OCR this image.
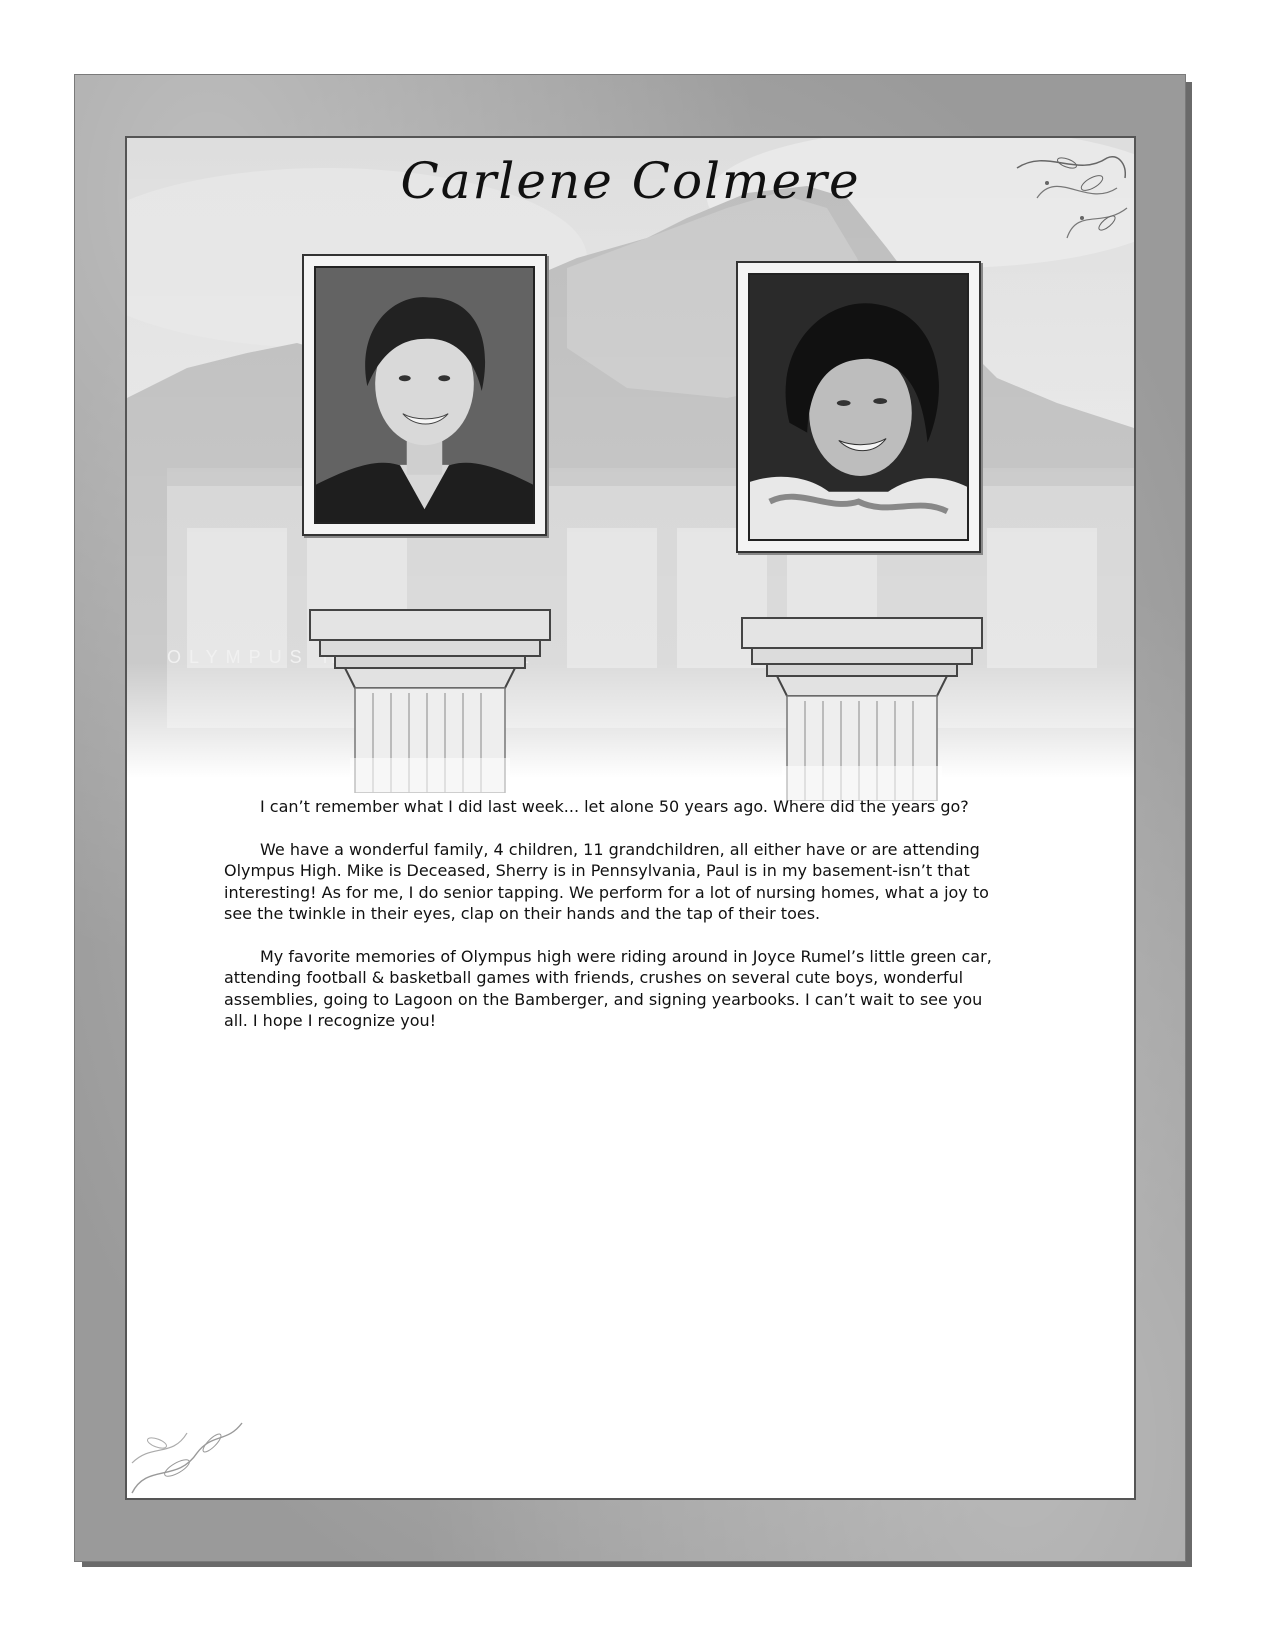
Carlene Colmere

I can’t remember what I did last week... let alone 50 years ago. Where did the years go?

We have a wonderful family, 4 children, 11 grandchildren, all either have or are attending Olympus High. Mike is Deceased, Sherry is in Pennsylvania, Paul is in my basement-isn’t that interesting! As for me, I do senior tapping. We perform for a lot of nursing homes, what a joy to see the twinkle in their eyes, clap on their hands and the tap of their toes.

My favorite memories of Olympus high were riding around in Joyce Rumel’s little green car, attending football & basketball games with friends, crushes on several cute boys, wonderful assemblies, going to Lagoon on the Bamberger, and signing yearbooks. I can’t wait to see you all. I hope I recognize you!
